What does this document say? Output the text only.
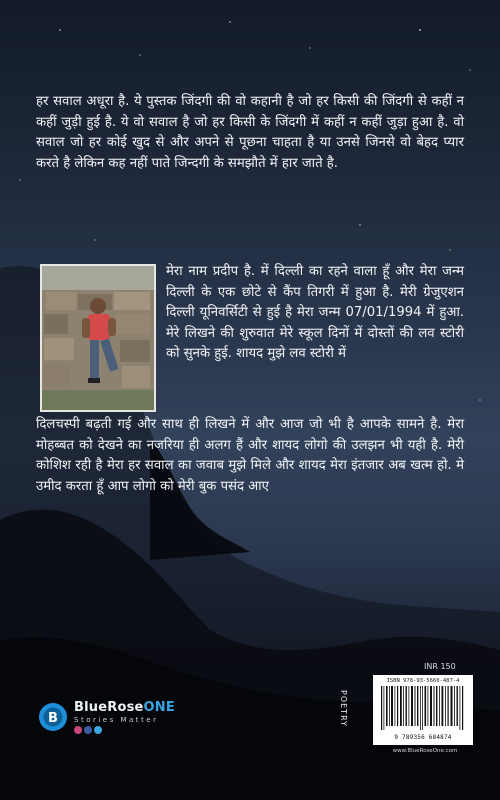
हर सवाल अधूरा है. ये पुस्तक जिंदगी की वो कहानी है जो हर किसी की जिंदगी से कहीं न कहीं जुड़ी हुई है. ये वो सवाल है जो हर किसी के जिंदगी में कहीं न कहीं जुड़ा हुआ है. वो सवाल जो हर कोई खुद से और अपने से पूछना चाहता है या उनसे जिनसे वो बेहद प्यार करते है लेकिन कह नहीं पाते जिन्दगी के समझौते में हार जाते है.

मेरा नाम प्रदीप है. में दिल्ली का रहने वाला हूँ और मेरा जन्म दिल्ली के एक छोटे से कैंप तिगरी में हुआ है. मेरी ग्रेजुएशन दिल्ली यूनिवर्सिटी से हुई है मेरा जन्म 07/01/1994 में हुआ. मेरे लिखने की शुरुवात मेरे स्कूल दिनों में दोस्तों की लव स्टोरी को सुनके हुई. शायद मुझे लव स्टोरी में

दिलचस्पी बढ़ती गई और साथ ही लिखने में और आज जो भी है आपके सामने है. मेरा मोहब्बत को देखने का नजरिया ही अलग हैं और शायद लोगो की उलझन भी यही है. मेरी कोशिश रही है मेरा हर सवाल का जवाब मुझे मिले और शायद मेरा इंतजार अब खत्म हो. मे उमीद करता हूँ आप लोगो को मेरी बुक पसंद आए

B
BlueRoseONE
Stories Matter
INR 150
POETRY
ISBN 978-93-5660-487-4
9 789356 684874
www.BlueRoseOne.com
